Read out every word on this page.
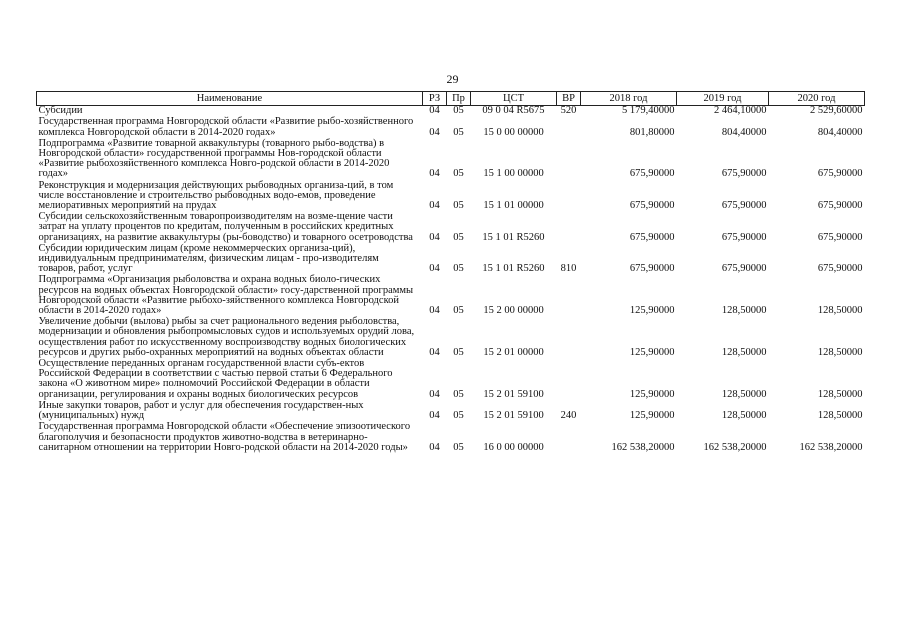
29
Наименование	РЗ	Пр	ЦСТ	ВР	2018 год	2019 год	2020 год
Субсидии	04	05	09 0 04 R5675	520	5 179,40000	2 464,10000	2 529,60000
Государственная программа Новгородской области «Развитие рыбо-хозяйственного комплекса Новгородской области в 2014-2020 годах»	04	05	15 0 00 00000		801,80000	804,40000	804,40000
Подпрограмма «Развитие товарной аквакультуры (товарного рыбо-водства) в Новгородской области» государственной программы Нов-городской области «Развитие рыбохозяйственного комплекса Новго-родской области в 2014-2020 годах»	04	05	15 1 00 00000		675,90000	675,90000	675,90000
Реконструкция и модернизация действующих рыбоводных организа-ций, в том числе восстановление и строительство рыбоводных водо-емов, проведение мелиоративных мероприятий на прудах	04	05	15 1 01 00000		675,90000	675,90000	675,90000
Субсидии сельскохозяйственным товаропроизводителям на возме-щение части затрат на уплату процентов по кредитам, полученным в российских кредитных организациях, на развитие аквакультуры (ры-боводство) и товарного осетроводства	04	05	15 1 01 R5260		675,90000	675,90000	675,90000
Субсидии юридическим лицам (кроме некоммерческих организа-ций), индивидуальным предпринимателям, физическим лицам - про-изводителям товаров, работ, услуг	04	05	15 1 01 R5260	810	675,90000	675,90000	675,90000
Подпрограмма «Организация рыболовства и охрана водных биоло-гических ресурсов на водных объектах Новгородской области» госу-дарственной программы Новгородской области «Развитие рыбохо-зяйственного комплекса Новгородской области в 2014-2020 годах»	04	05	15 2 00 00000		125,90000	128,50000	128,50000
Увеличение добычи (вылова) рыбы за счет рационального ведения рыболовства, модернизации и обновления рыбопромысловых судов и используемых орудий лова, осуществления работ по искусственному воспроизводству водных биологических ресурсов и других рыбо-охранных мероприятий на водных объектах области	04	05	15 2 01 00000		125,90000	128,50000	128,50000
Осуществление переданных органам государственной власти субъ-ектов Российской Федерации в соответствии с частью первой статьи 6 Федерального закона «О животном мире» полномочий Российской Федерации в области организации, регулирования и охраны водных биологических ресурсов	04	05	15 2 01 59100		125,90000	128,50000	128,50000
Иные закупки товаров, работ и услуг для обеспечения государствен-ных (муниципальных) нужд	04	05	15 2 01 59100	240	125,90000	128,50000	128,50000
Государственная программа Новгородской области «Обеспечение эпизоотического благополучия и безопасности продуктов животно-водства в ветеринарно-санитарном отношении на территории Новго-родской области на 2014-2020 годы»	04	05	16 0 00 00000		162 538,20000	162 538,20000	162 538,20000
